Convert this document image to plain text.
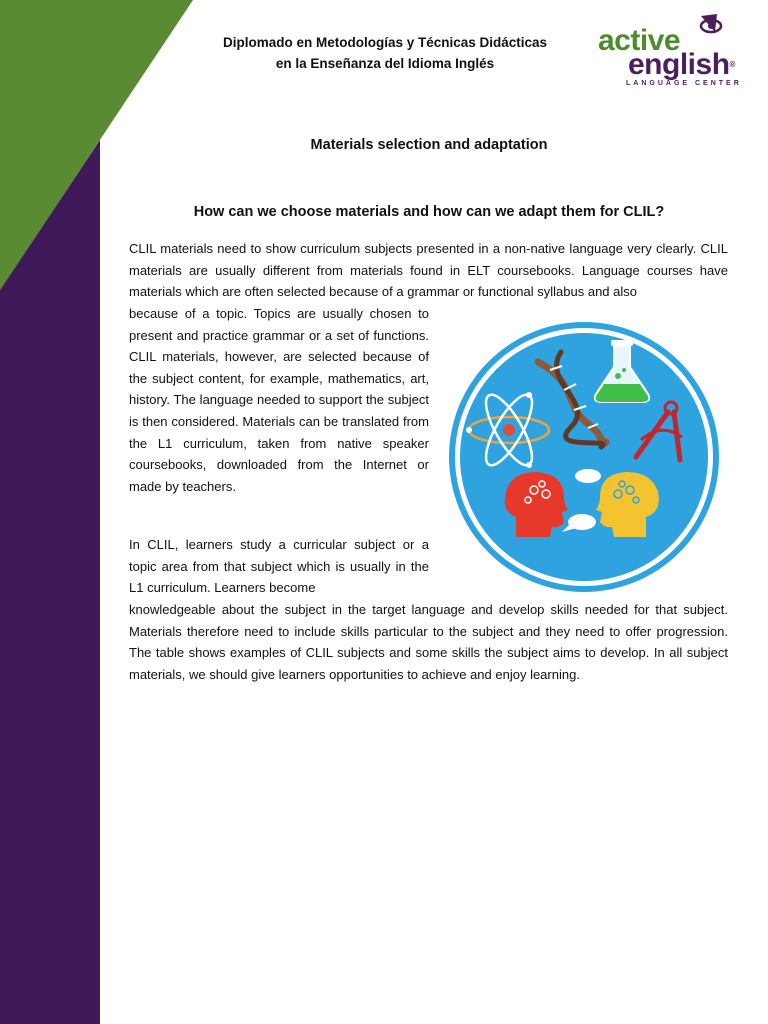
Diplomado en Metodologías y Técnicas Didácticas
en la Enseñanza del Idioma Inglés
active
english®
LANGUAGE CENTER
Materials selection and adaptation
How can we choose materials and how can we adapt them for CLIL?

CLIL materials need to show curriculum subjects presented in a non-native language very clearly. CLIL materials are usually different from materials found in ELT coursebooks. Language courses have materials which are often selected because of a grammar or functional syllabus and also

because of a topic. Topics are usually chosen to present and practice grammar or a set of functions. CLIL materials, however, are selected because of the subject content, for example, mathematics, art, history. The language needed to support the subject is then considered. Materials can be translated from the L1 curriculum, taken from native speaker coursebooks, downloaded from the Internet or made by teachers.

In CLIL, learners study a curricular subject or a topic area from that subject which is usually in the L1 curriculum. Learners become

knowledgeable about the subject in the target language and develop skills needed for that subject. Materials therefore need to include skills particular to the subject and they need to offer progression. The table shows examples of CLIL subjects and some skills the subject aims to develop. In all subject materials, we should give learners opportunities to achieve and enjoy learning.
